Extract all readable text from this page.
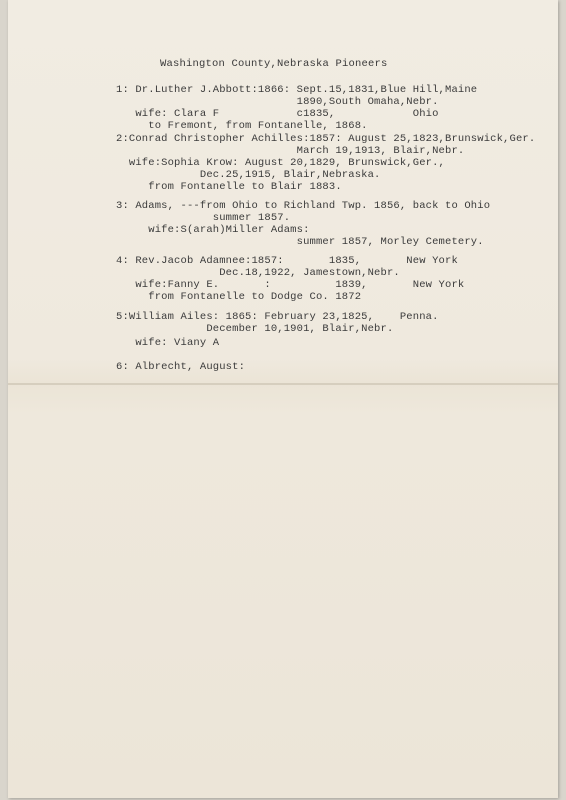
Washington County,Nebraska Pioneers
1: Dr.Luther J.Abbott:1866: Sept.15,1831,Blue Hill,Maine
1890,South Omaha,Nebr.
wife: Clara F            c1835,            Ohio
to Fremont, from Fontanelle, 1868.
2:Conrad Christopher Achilles:1857: August 25,1823,Brunswick,Ger.
March 19,1913, Blair,Nebr.
wife:Sophia Krow: August 20,1829, Brunswick,Ger.,
Dec.25,1915, Blair,Nebraska.
from Fontanelle to Blair 1883.
3: Adams, ---from Ohio to Richland Twp. 1856, back to Ohio
summer 1857.
wife:S(arah)Miller Adams:
summer 1857, Morley Cemetery.
4: Rev.Jacob Adamnee:1857:       1835,       New York
Dec.18,1922, Jamestown,Nebr.
wife:Fanny E.       :          1839,       New York
from Fontanelle to Dodge Co. 1872
5:William Ailes: 1865: February 23,1825,    Penna.
December 10,1901, Blair,Nebr.
wife: Viany A
6: Albrecht, August:
